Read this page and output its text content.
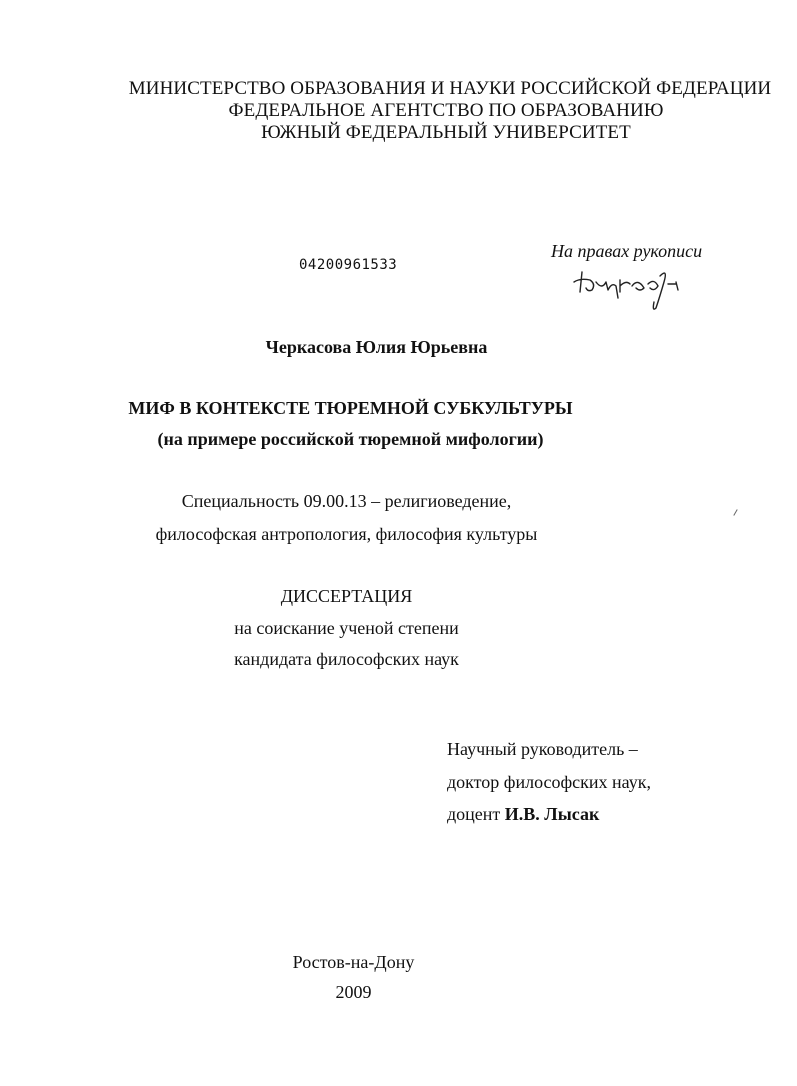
МИНИСТЕРСТВО ОБРАЗОВАНИЯ И НАУКИ РОССИЙСКОЙ ФЕДЕРАЦИИ
ФЕДЕРАЛЬНОЕ АГЕНТСТВО ПО ОБРАЗОВАНИЮ
ЮЖНЫЙ ФЕДЕРАЛЬНЫЙ УНИВЕРСИТЕТ
04200961533
На правах рукописи
Черкасова Юлия Юрьевна
МИФ В КОНТЕКСТЕ ТЮРЕМНОЙ СУБКУЛЬТУРЫ
(на примере российской тюремной мифологии)
Специальность 09.00.13 – религиоведение,
философская антропология, философия культуры
ДИССЕРТАЦИЯ
на соискание ученой степени
кандидата философских наук
Научный руководитель –
доктор философских наук,
доцент И.В. Лысак
Ростов-на-Дону
2009
